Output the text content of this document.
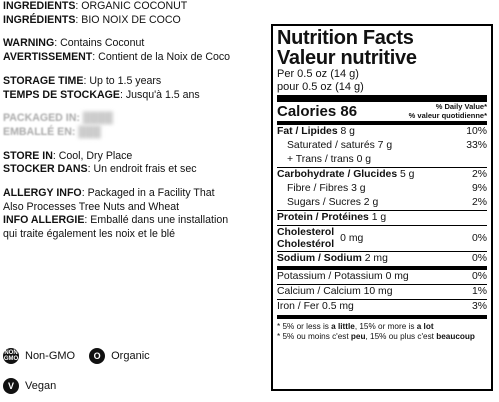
INGREDIENTS: ORGANIC COCONUT
INGRÉDIENTS: BIO NOIX DE COCO
WARNING: Contains Coconut
AVERTISSEMENT: Contient de la Noix de Coco
STORAGE TIME: Up to 1.5 years
TEMPS DE STOCKAGE: Jusqu'à 1.5 ans
PACKAGED IN: ████
EMBALLÉ EN: ███
STORE IN: Cool, Dry Place
STOCKER DANS: Un endroit frais et sec
ALLERGY INFO: Packaged in a Facility That
Also Processes Tree Nuts and Wheat
INFO ALLERGIE: Emballé dans une installation
qui traite également les noix et le blé
NON GMO Non-GMO	O Organic
V	Vegan
Nutrition Facts
Valeur nutritive
Per 0.5 oz (14 g)
pour 0.5 oz (14 g)
Calories 86	% Daily Value*
% valeur quotidienne*
Fat / Lipides 8 g	10%
Saturated / saturés 7 g	33%
+ Trans / trans 0 g
Carbohydrate / Glucides 5 g	2%
Fibre / Fibres 3 g	9%
Sugars / Sucres 2 g	2%
Protein / Protéines 1 g
Cholesterol
Cholestérol
0 mg	0%
Sodium / Sodium 2 mg	0%
Potassium / Potassium 0 mg	0%
Calcium / Calcium 10 mg	1%
Iron / Fer 0.5 mg	3%
* 5% or less is a little, 15% or more is a lot
* 5% ou moins c'est peu, 15% ou plus c'est beaucoup
